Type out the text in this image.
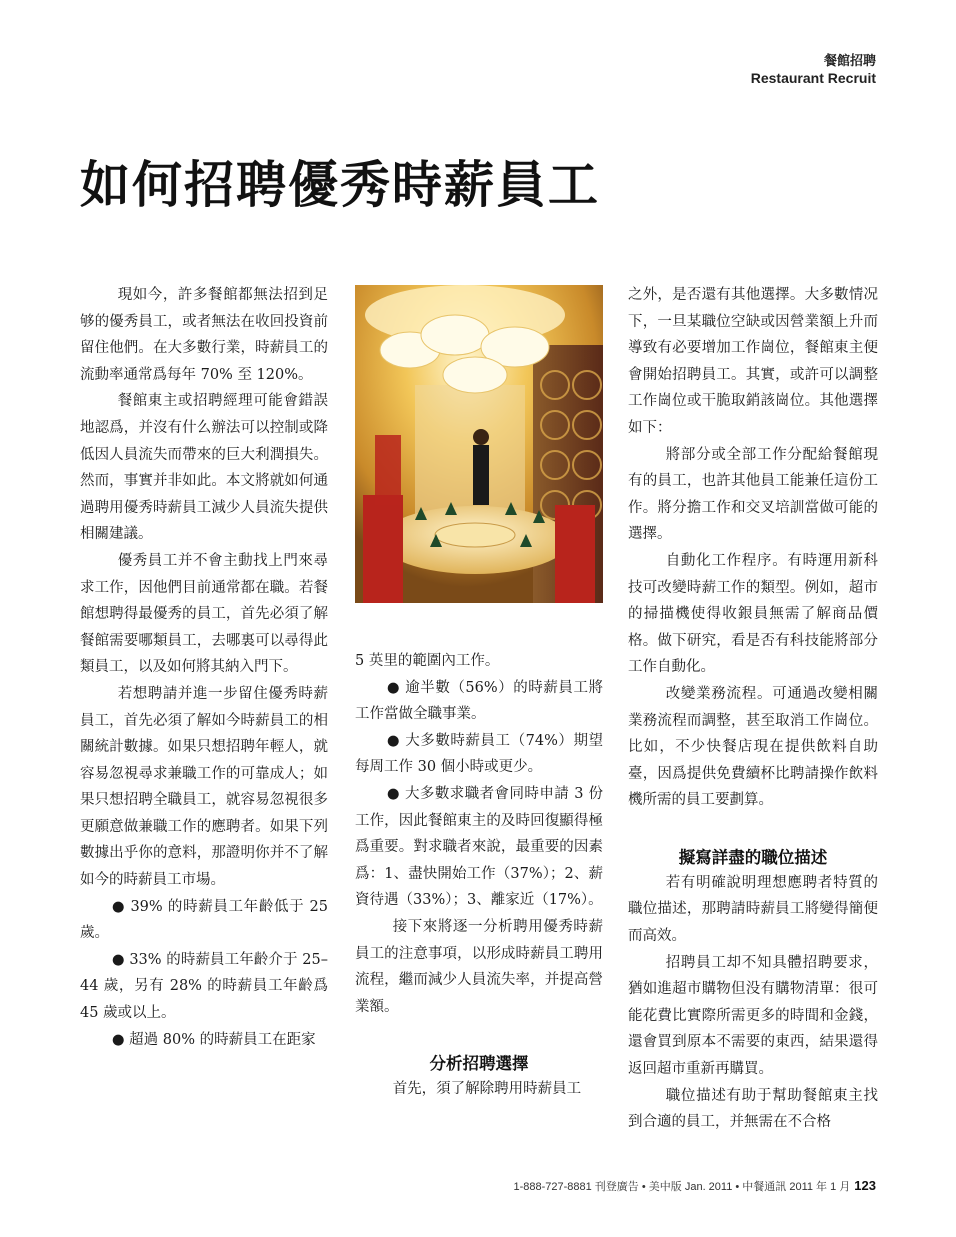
餐館招聘
Restaurant Recruit
如何招聘優秀時薪員工

現如今，許多餐館都無法招到足够的優秀員工，或者無法在收回投資前留住他們。在大多數行業，時薪員工的流動率通常爲每年 70% 至 120%。

餐館東主或招聘經理可能會錯誤地認爲，并沒有什么辦法可以控制或降低因人員流失而帶來的巨大利潤損失。然而，事實并非如此。本文將就如何通過聘用優秀時薪員工減少人員流失提供相關建議。

優秀員工并不會主動找上門來尋求工作，因他們目前通常都在職。若餐館想聘得最優秀的員工，首先必須了解餐館需要哪類員工，去哪裏可以尋得此類員工，以及如何將其納入門下。

若想聘請并進一步留住優秀時薪員工，首先必須了解如今時薪員工的相關統計數據。如果只想招聘年輕人，就容易忽視尋求兼職工作的可靠成人；如果只想招聘全職員工，就容易忽視很多更願意做兼職工作的應聘者。如果下列數據出乎你的意料，那證明你并不了解如今的時薪員工市場。

● 39% 的時薪員工年齡低于 25 歲。

● 33% 的時薪員工年齡介于 25–44 歲，另有 28% 的時薪員工年齡爲 45 歲或以上。

● 超過 80% 的時薪員工在距家

5 英里的範圍內工作。

● 逾半數（56%）的時薪員工將工作當做全職事業。

● 大多數時薪員工（74%）期望每周工作 30 個小時或更少。

● 大多數求職者會同時申請 3 份工作，因此餐館東主的及時回復顯得極爲重要。對求職者來說，最重要的因素爲：1、盡快開始工作（37%）；2、薪資待遇（33%）；3、離家近（17%）。

接下來將逐一分析聘用優秀時薪員工的注意事項，以形成時薪員工聘用流程，繼而減少人員流失率，并提高營業額。

分析招聘選擇

首先，須了解除聘用時薪員工

之外，是否還有其他選擇。大多數情况下，一旦某職位空缺或因營業額上升而導致有必要增加工作崗位，餐館東主便會開始招聘員工。其實，或許可以調整工作崗位或干脆取銷該崗位。其他選擇如下：

將部分或全部工作分配給餐館現有的員工，也許其他員工能兼任這份工作。將分擔工作和交叉培訓當做可能的選擇。

自動化工作程序。有時運用新科技可改變時薪工作的類型。例如，超市的掃描機使得收銀員無需了解商品價格。做下研究，看是否有科技能將部分工作自動化。

改變業務流程。可通過改變相關業務流程而調整，甚至取消工作崗位。比如，不少快餐店現在提供飲料自助臺，因爲提供免費續杯比聘請操作飲料機所需的員工要劃算。

擬寫詳盡的職位描述

若有明確說明理想應聘者特質的職位描述，那聘請時薪員工將變得簡便而高效。

招聘員工却不知具體招聘要求，猶如進超市購物但没有購物清單：很可能花費比實際所需更多的時間和金錢，還會買到原本不需要的東西，結果還得返回超市重新再購買。

職位描述有助于幫助餐館東主找到合適的員工，并無需在不合格

1-888-727-8881 刊登廣告 • 美中版 Jan. 2011 • 中餐通訊 2011 年 1 月 123
